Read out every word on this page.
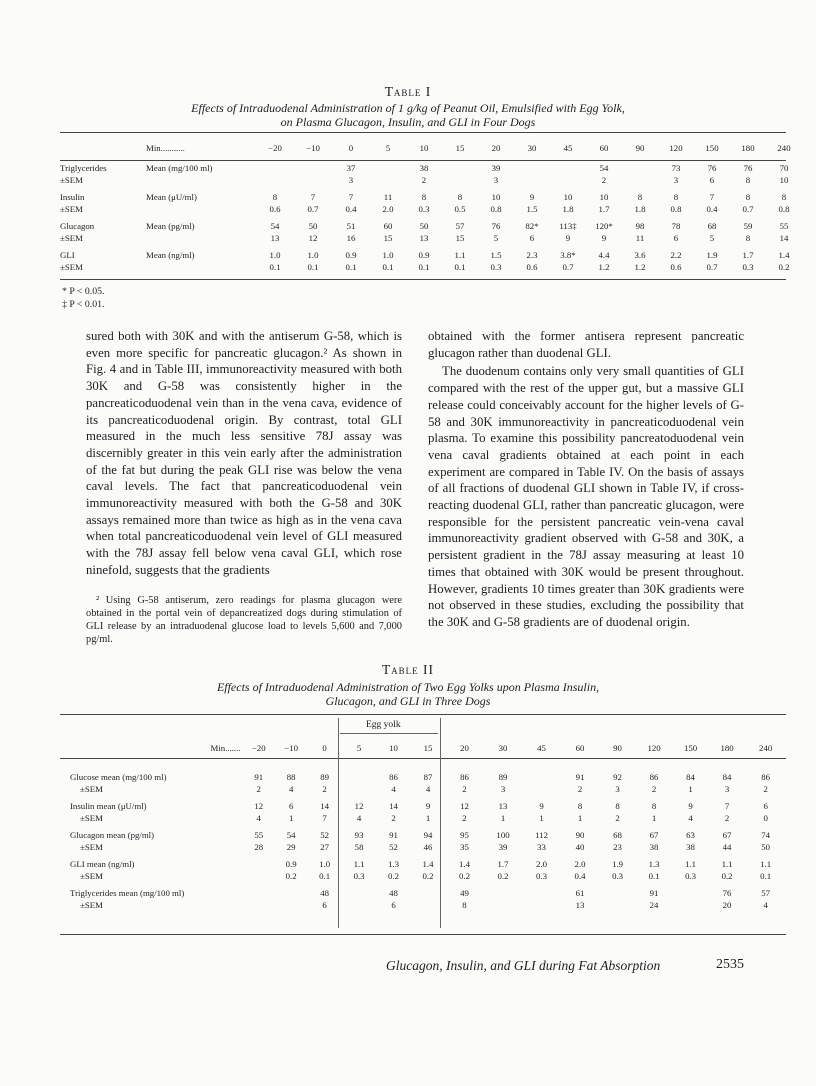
Table I
Effects of Intraduodenal Administration of 1 g/kg of Peanut Oil, Emulsified with Egg Yolk,
on Plasma Glucagon, Insulin, and GLI in Four Dogs
	Min...........	−20	−10	0	5	10	15	20	30	45	60	90	120	150	180	240

Triglycerides	Mean (mg/100 ml)			37		38		39			54		73	76	76	70
±SEM				3		2		3			2		3	6	8	10
Insulin	Mean (μU/ml)	8	7	7	11	8	8	10	9	10	10	8	8	7	8	8
±SEM		0.6	0.7	0.4	2.0	0.3	0.5	0.8	1.5	1.8	1.7	1.8	0.8	0.4	0.7	0.8
Glucagon	Mean (pg/ml)	54	50	51	60	50	57	76	82*	113‡	120*	98	78	68	59	55
±SEM		13	12	16	15	13	15	5	6	9	9	11	6	5	8	14
GLI	Mean (ng/ml)	1.0	1.0	0.9	1.0	0.9	1.1	1.5	2.3	3.8*	4.4	3.6	2.2	1.9	1.7	1.4
±SEM		0.1	0.1	0.1	0.1	0.1	0.1	0.3	0.6	0.7	1.2	1.2	0.6	0.7	0.3	0.2
* P < 0.05.
‡ P < 0.01.

sured both with 30K and with the antiserum G-58, which is even more specific for pancreatic glucagon.² As shown in Fig. 4 and in Table III, immunoreactivity measured with both 30K and G-58 was consistently higher in the pancreaticoduodenal vein than in the vena cava, evidence of its pancreaticoduodenal origin. By contrast, total GLI measured in the much less sensitive 78J assay was discernibly greater in this vein early after the administration of the fat but during the peak GLI rise was below the vena caval levels. The fact that pancreaticoduodenal vein immunoreactivity measured with both the G-58 and 30K assays remained more than twice as high as in the vena cava when total pancreaticoduodenal vein level of GLI measured with the 78J assay fell below vena caval GLI, which rose ninefold, suggests that the gradients

² Using G-58 antiserum, zero readings for plasma glucagon were obtained in the portal vein of depancreatized dogs during stimulation of GLI release by an intraduodenal glucose load to levels 5,600 and 7,000 pg/ml.

obtained with the former antisera represent pancreatic glucagon rather than duodenal GLI.

The duodenum contains only very small quantities of GLI compared with the rest of the upper gut, but a massive GLI release could conceivably account for the higher levels of G-58 and 30K immunoreactivity in pancreaticoduodenal vein plasma. To examine this possibility pancreatoduodenal vein vena caval gradients obtained at each point in each experiment are compared in Table IV. On the basis of assays of all fractions of duodenal GLI shown in Table IV, if cross-reacting duodenal GLI, rather than pancreatic glucagon, were responsible for the persistent pancreatic vein-vena caval immunoreactivity gradient observed with G-58 and 30K, a persistent gradient in the 78J assay measuring at least 10 times that obtained with 30K would be present throughout. However, gradients 10 times greater than 30K gradients were not observed in these studies, excluding the possibility that the 30K and G-58 gradients are of duodenal origin.

Table II
Effects of Intraduodenal Administration of Two Egg Yolks upon Plasma Insulin,
Glucagon, and GLI in Three Dogs
Egg yolk
Min.......	−20	−10	0	5	10	15	20	30	45	60	90	120	150	180	240

Glucose mean (mg/100 ml)	91	88	89		86	87	86	89		91	92	86	84	84	86
±SEM	2	4	2		4	4	2	3		2	3	2	1	3	2
Insulin mean (μU/ml)	12	6	14	12	14	9	12	13	9	8	8	8	9	7	6
±SEM	4	1	7	4	2	1	2	1	1	1	2	1	4	2	0
Glucagon mean (pg/ml)	55	54	52	93	91	94	95	100	112	90	68	67	63	67	74
±SEM	28	29	27	58	52	46	35	39	33	40	23	38	38	44	50
GLI mean (ng/ml)		0.9	1.0	1.1	1.3	1.4	1.4	1.7	2.0	2.0	1.9	1.3	1.1	1.1	1.1
±SEM		0.2	0.1	0.3	0.2	0.2	0.2	0.2	0.3	0.4	0.3	0.1	0.3	0.2	0.1
Triglycerides mean (mg/100 ml)			48		48		49			61		91		76	57
±SEM			6		6		8			13		24		20	4
Glucagon, Insulin, and GLI during Fat Absorption	2535
